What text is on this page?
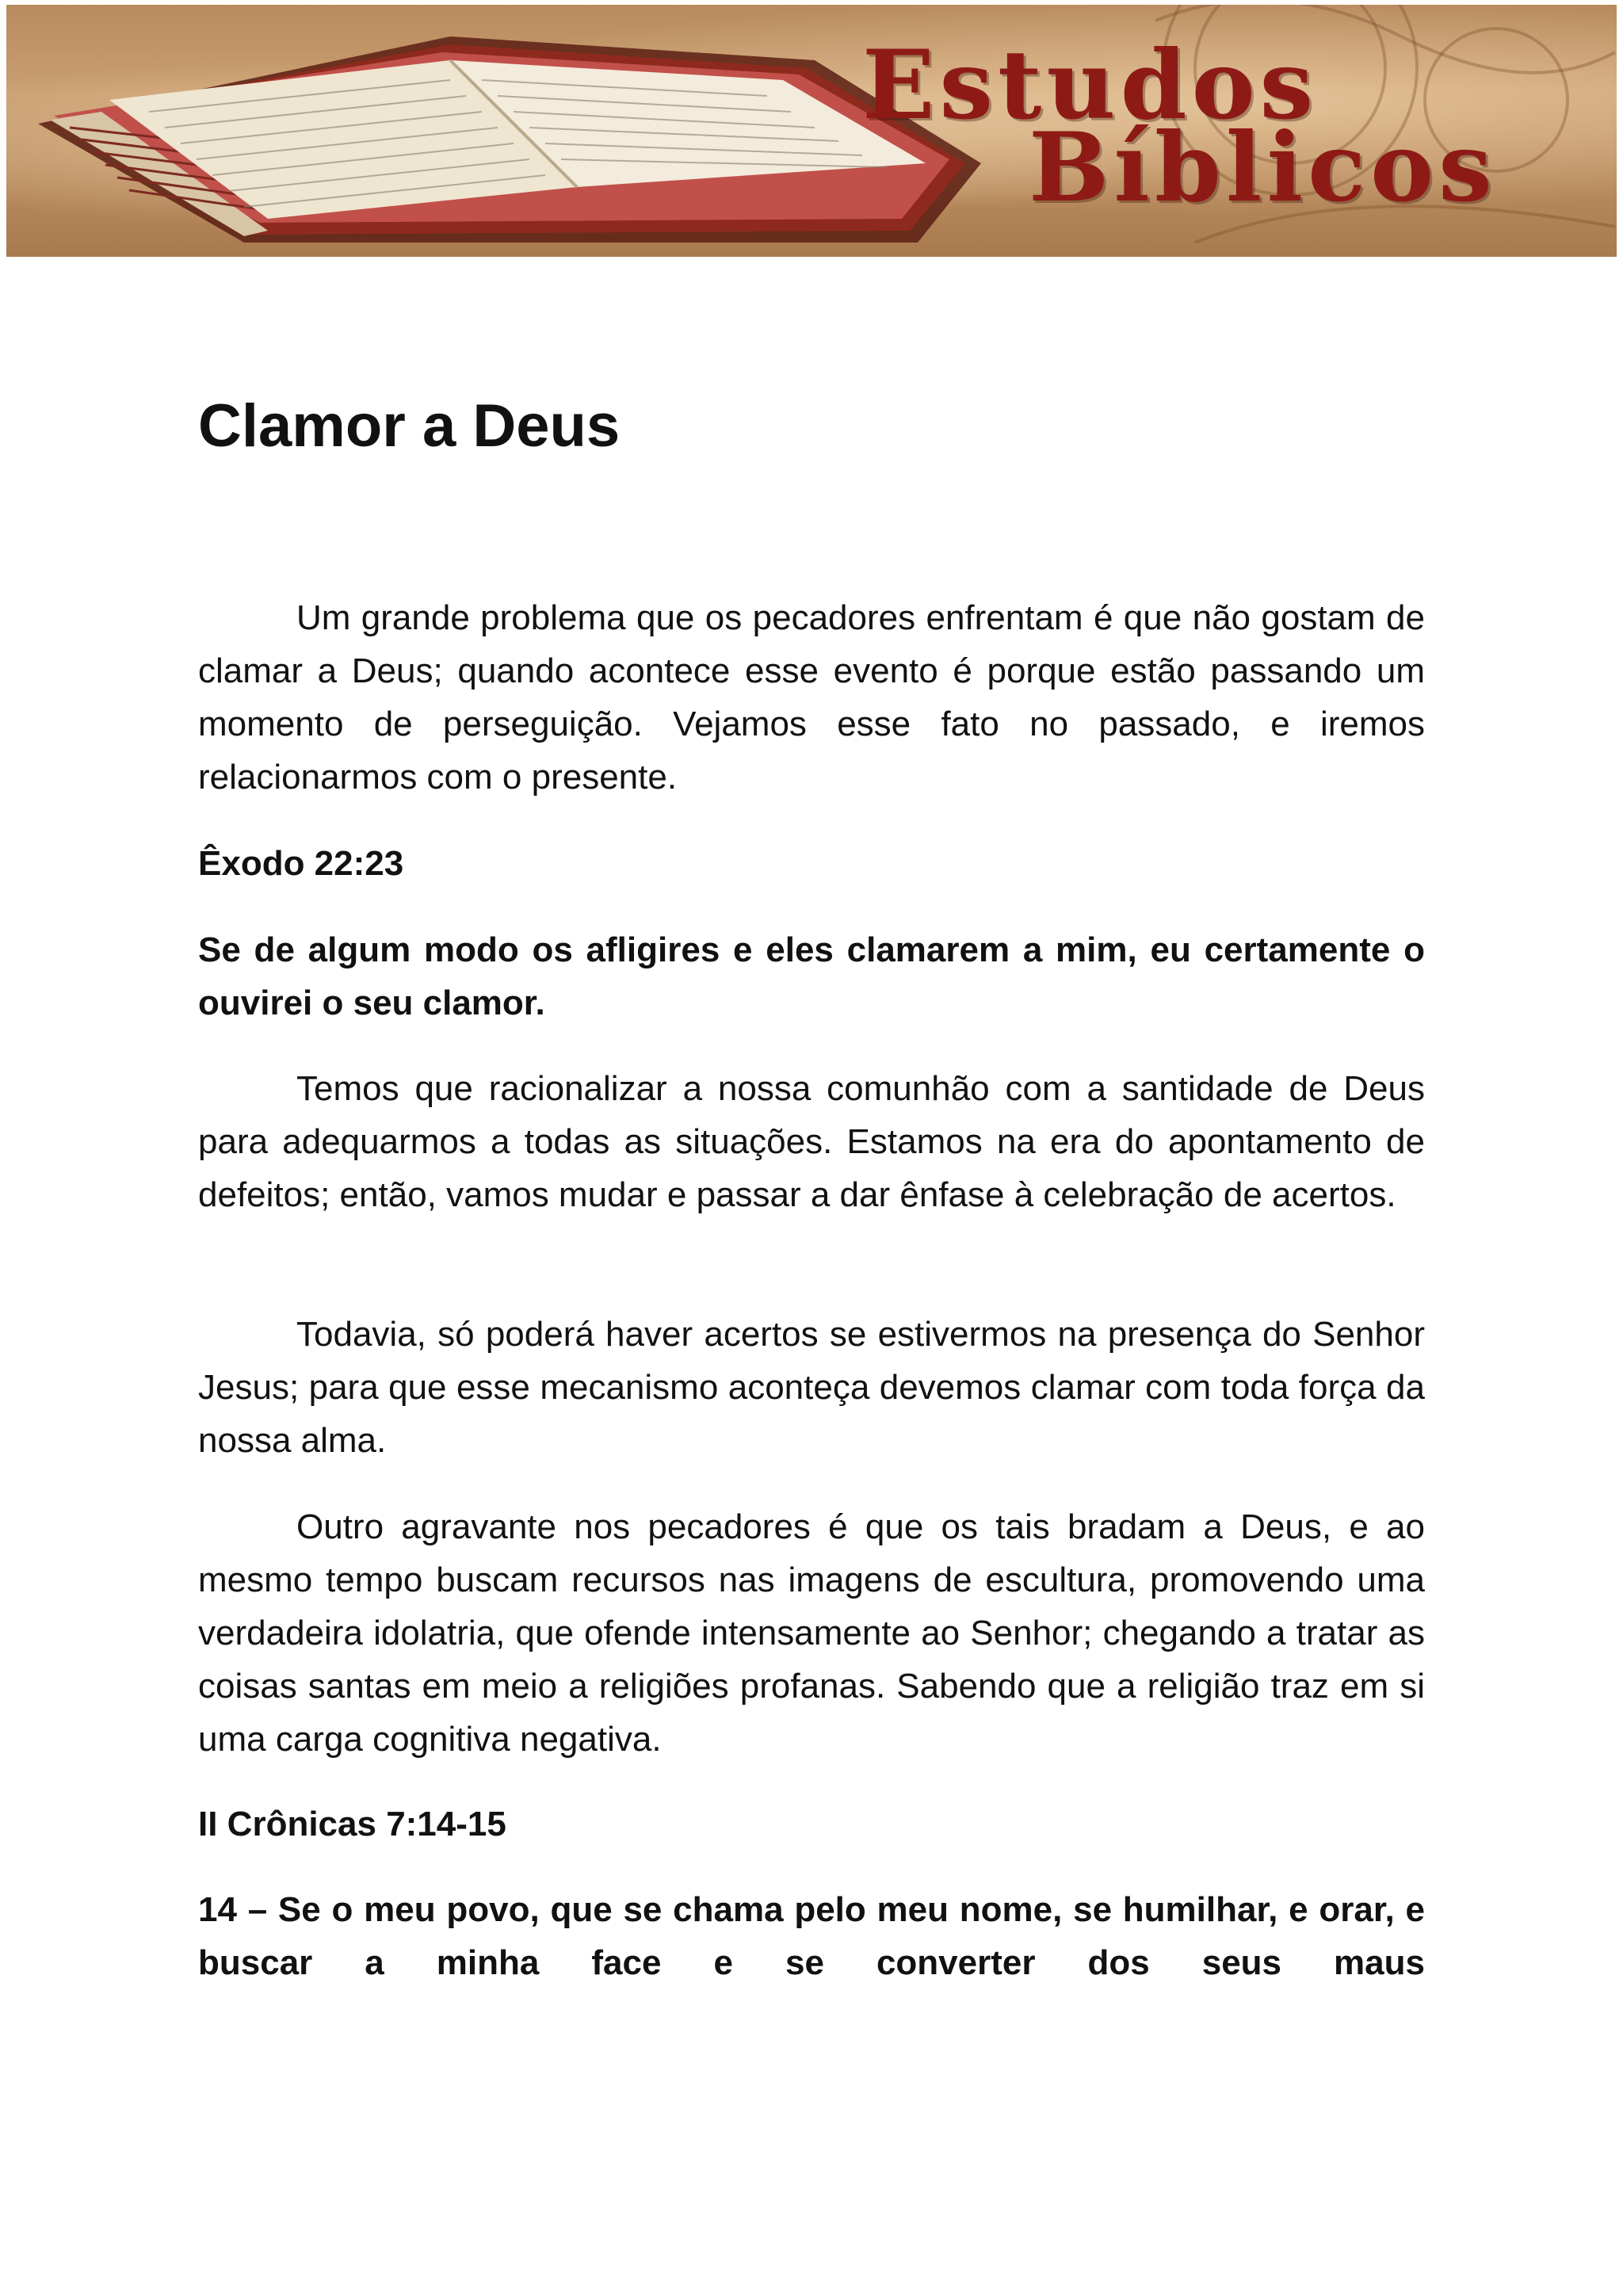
Estudos
Bíblicos
Clamor a Deus

Um grande problema que os pecadores enfrentam é que não gostam de clamar a Deus; quando acontece esse evento é porque estão passando um momento de perseguição. Vejamos esse fato no passado, e iremos relacionarmos com o presente.

Êxodo 22:23

Se de algum modo os afligires e eles clamarem a mim, eu certamente o ouvirei o seu clamor.

Temos que racionalizar a nossa comunhão com a santidade de Deus para adequarmos a todas as situações. Estamos na era do apontamento de defeitos; então, vamos mudar e passar a dar ênfase à celebração de acertos.

Todavia, só poderá haver acertos se estivermos na presença do Senhor Jesus; para que esse mecanismo aconteça devemos clamar com toda força da nossa alma.

Outro agravante nos pecadores é que os tais bradam a Deus, e ao mesmo tempo buscam recursos nas imagens de escultura, promovendo uma verdadeira idolatria, que ofende intensamente ao Senhor; chegando a tratar as coisas santas em meio a religiões profanas. Sabendo que a religião traz em si uma carga cognitiva negativa.

II Crônicas 7:14-15

14 – Se o meu povo, que se chama pelo meu nome, se humilhar, e orar, e buscar a minha face e se converter dos seus maus
